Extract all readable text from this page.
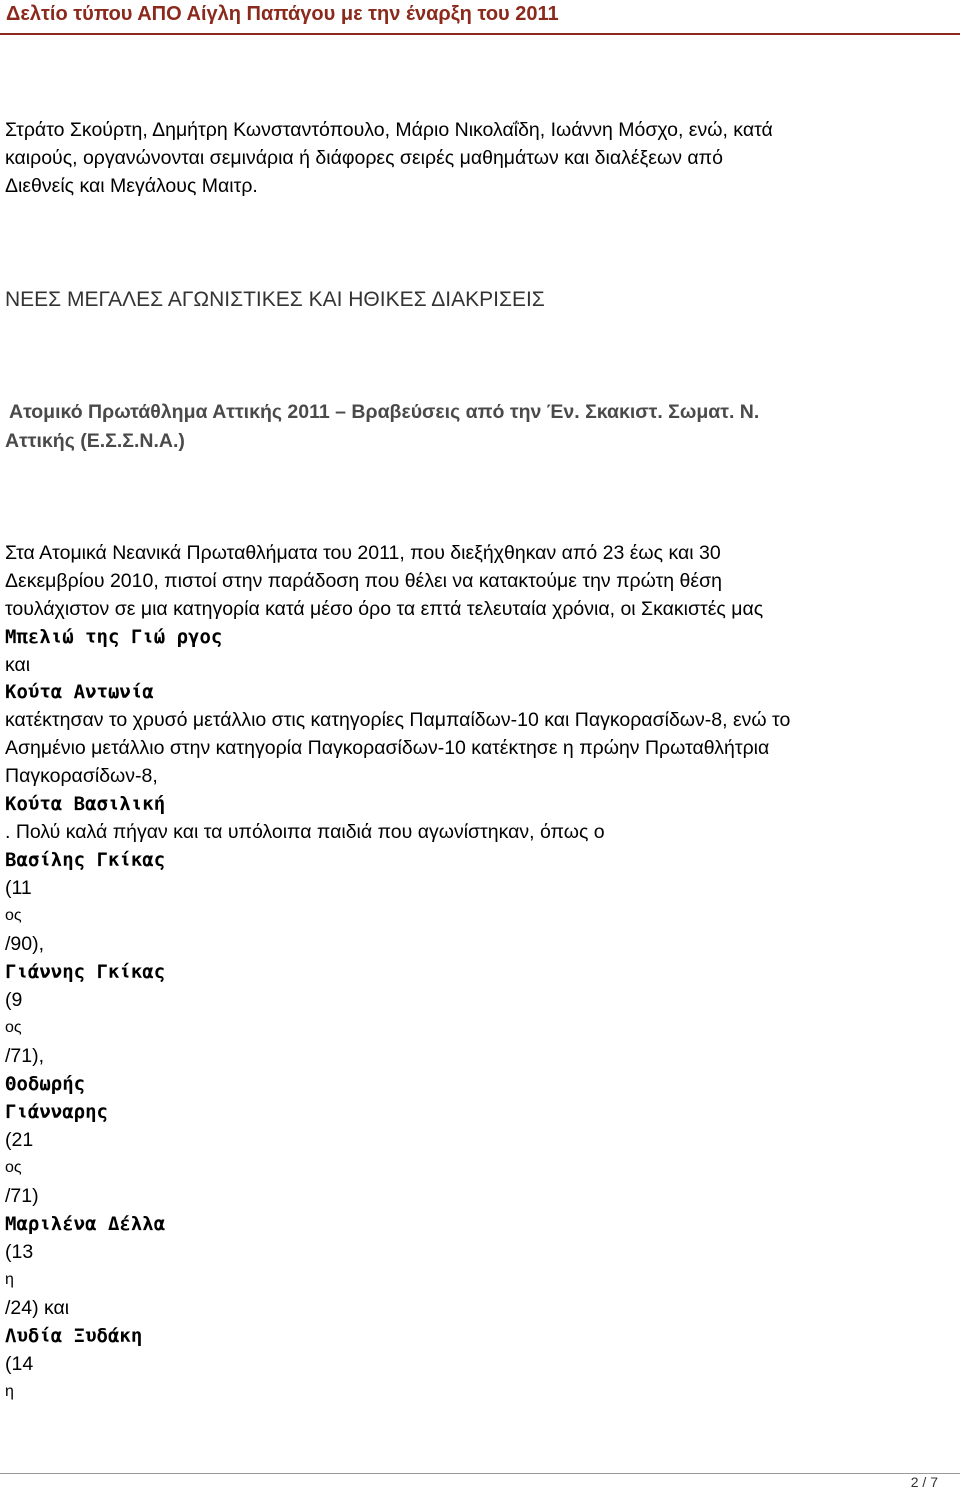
Δελτίο τύπου ΑΠΟ Αίγλη Παπάγου με την έναρξη του 2011
Στράτο Σκούρτη, Δημήτρη Κωνσταντόπουλο, Μάριο Νικολαΐδη, Ιωάννη Μόσχο, ενώ, κατά
καιρούς, οργανώνονται σεμινάρια ή διάφορες σειρές μαθημάτων και διαλέξεων από
Διεθνείς και Μεγάλους Μαιτρ.
ΝΕΕΣ ΜΕΓΑΛΕΣ ΑΓΩΝΙΣΤΙΚΕΣ ΚΑΙ ΗΘΙΚΕΣ ΔΙΑΚΡΙΣΕΙΣ
Ατομικό Πρωτάθλημα Αττικής 2011 – Βραβεύσεις από την Έν. Σκακιστ. Σωματ. Ν.
Αττικής (Ε.Σ.Σ.Ν.Α.)
Στα Ατομικά Νεανικά Πρωταθλήματα του 2011, που διεξήχθηκαν από 23 έως και 30
Δεκεμβρίου 2010, πιστοί στην παράδοση που θέλει να κατακτούμε την πρώτη θέση
τουλάχιστον σε μια κατηγορία κατά μέσο όρο τα επτά τελευταία χρόνια, οι Σκακιστές μας
Μπελιώ της Γιώ ργος
και
Κούτα Αντωνία
κατέκτησαν το χρυσό μετάλλιο στις κατηγορίες Παμπαίδων-10 και Παγκορασίδων-8, ενώ το
Ασημένιο μετάλλιο στην κατηγορία Παγκορασίδων-10 κατέκτησε η πρώην Πρωταθλήτρια
Παγκορασίδων-8,
Κούτα Βασιλική
. Πολύ καλά πήγαν και τα υπόλοιπα παιδιά που αγωνίστηκαν, όπως ο
Βασίλης Γκίκας
(11
ος
/90),
Γιάννης Γκίκας
(9
ος
/71),
Θοδωρής
Γιάνναρης
(21
ος
/71)
Μαριλένα Δέλλα
(13
η
/24) και
Λυδία Ξυδάκη
(14
η
2 / 7
